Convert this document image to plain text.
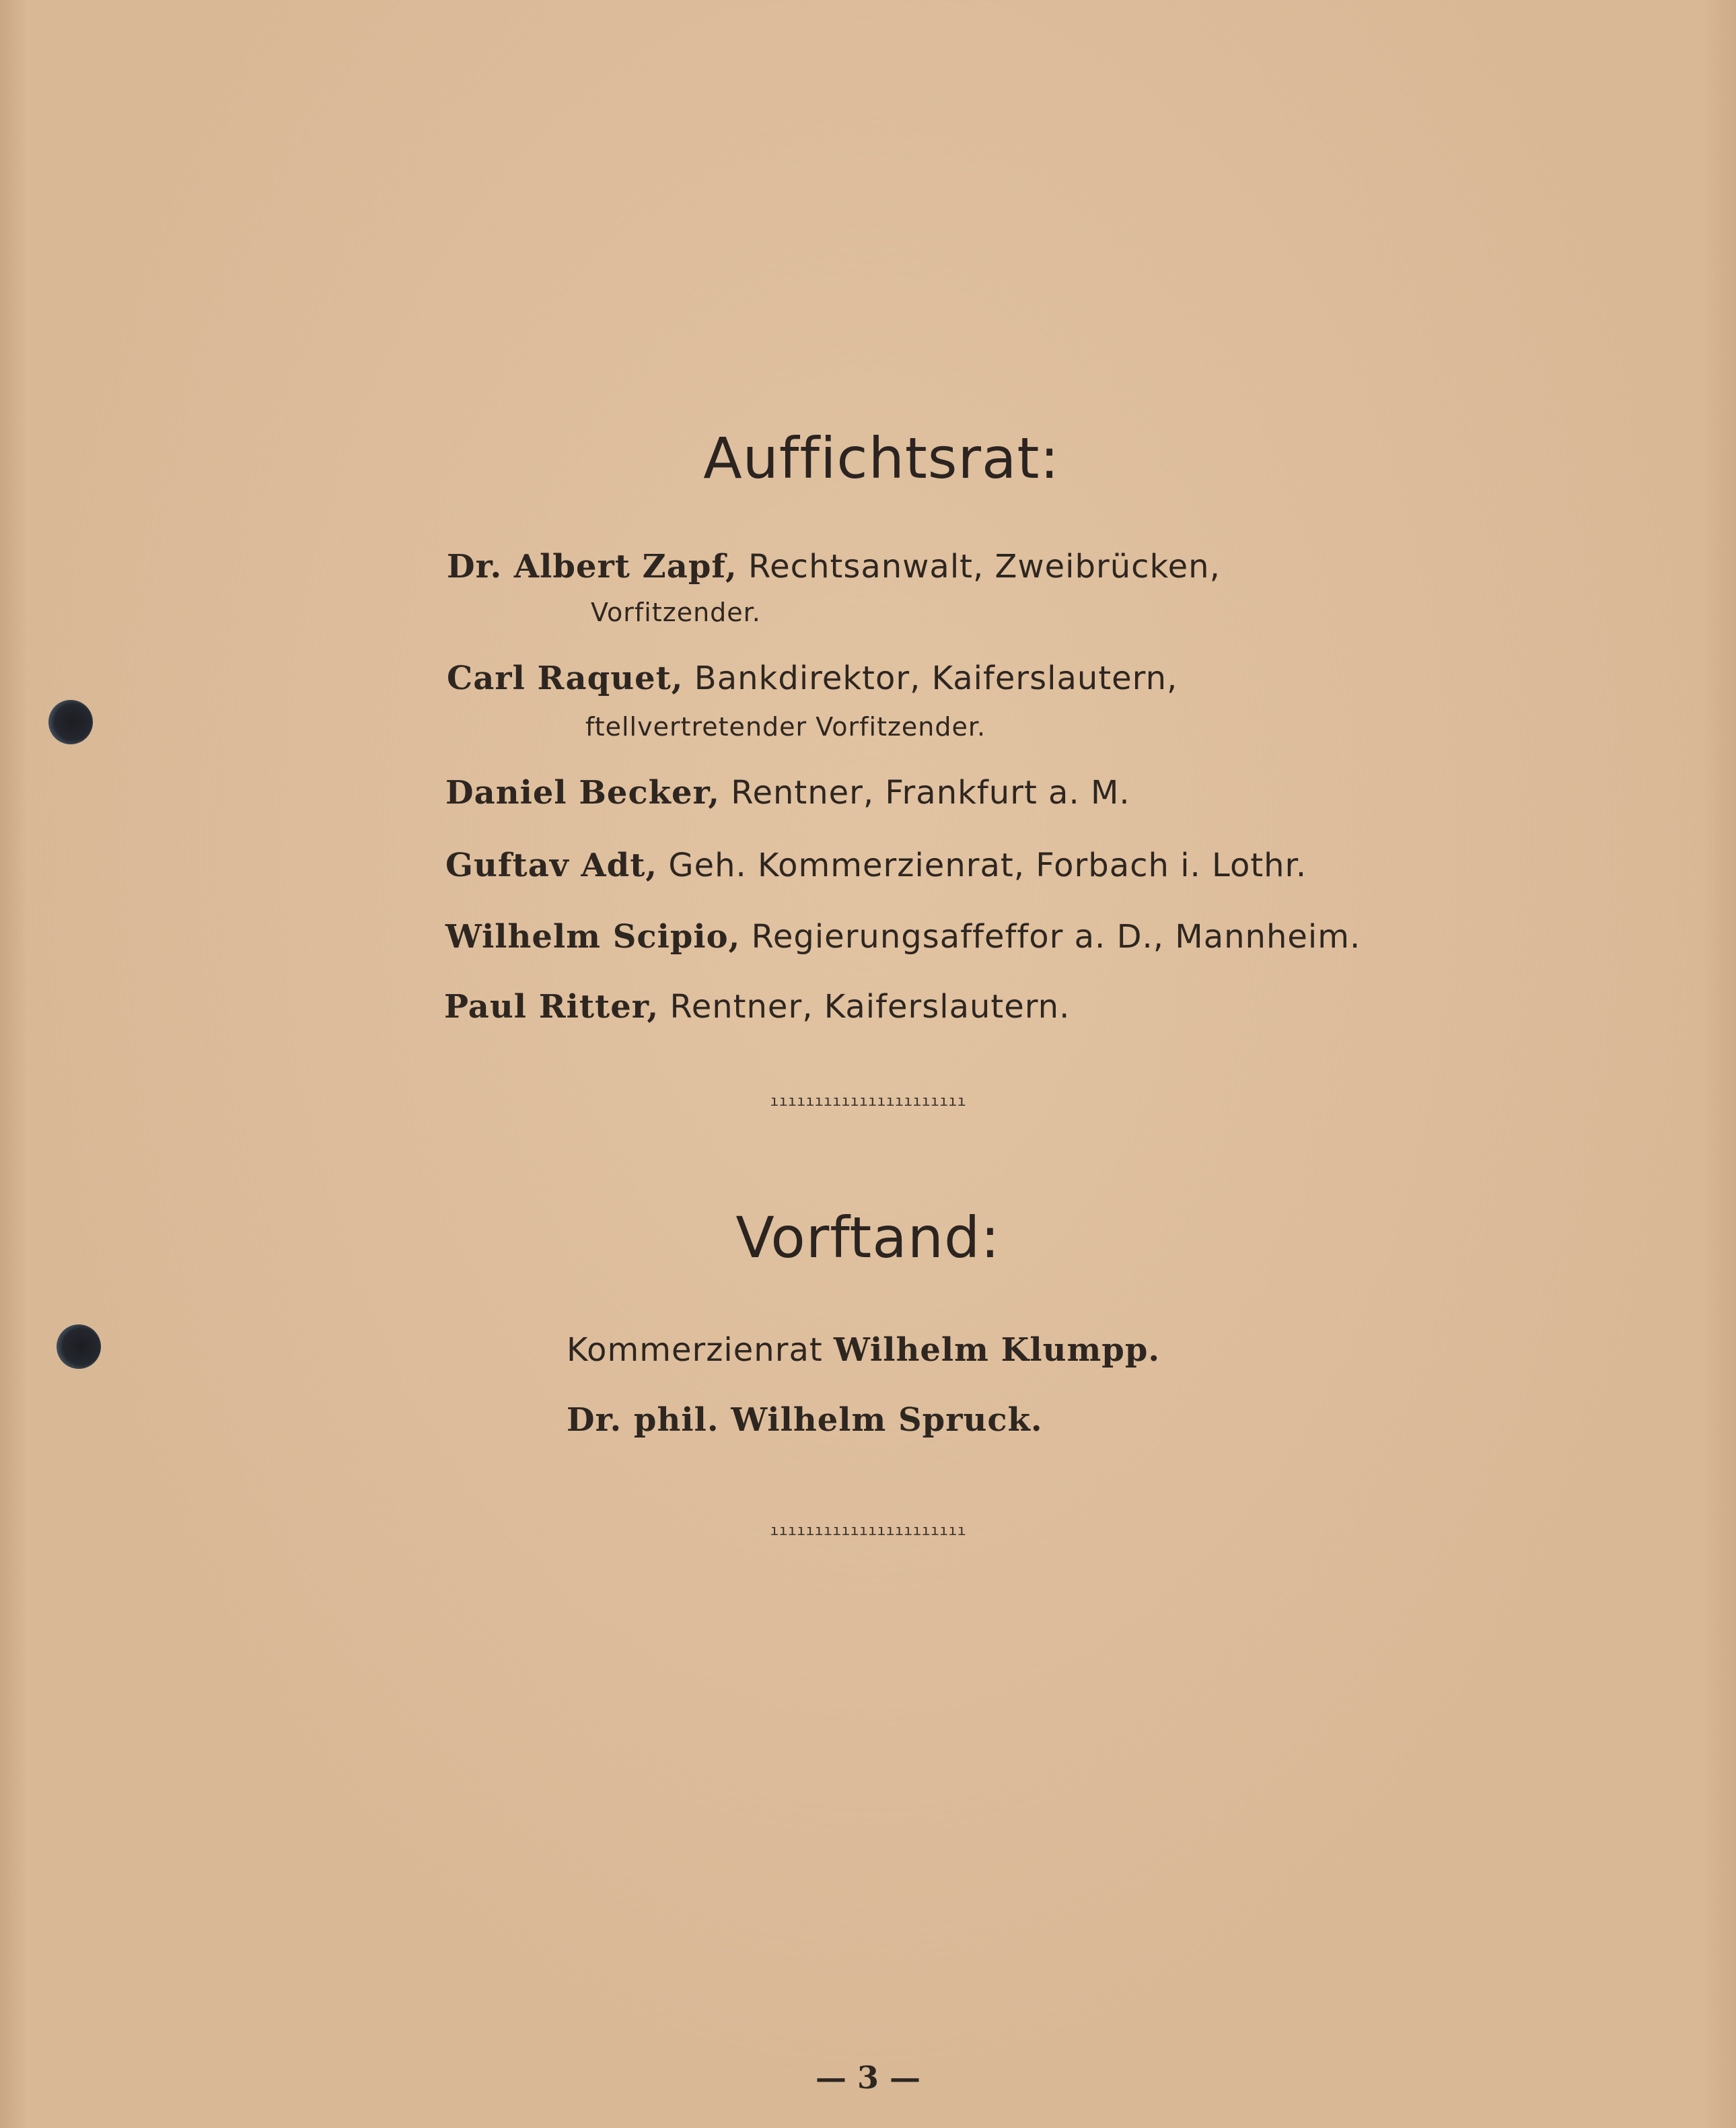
Auffichtsrat:
Dr. Albert Zapf, Rechtsanwalt, Zweibrücken,
Vorfitzender.
Carl Raquet, Bankdirektor, Kaiferslautern,
ftellvertretender Vorfitzender.
Daniel Becker, Rentner, Frankfurt a. M.
Guftav Adt, Geh. Kommerzienrat, Forbach i. Lothr.
Wilhelm Scipio, Regierungsaffeffor a. D., Mannheim.
Paul Ritter, Rentner, Kaiferslautern.
ıııııııııııııııııııııı
Vorftand:
Kommerzienrat Wilhelm Klumpp.
Dr. phil. Wilhelm Spruck.
ıııııııııııııııııııııı
— 3 —
